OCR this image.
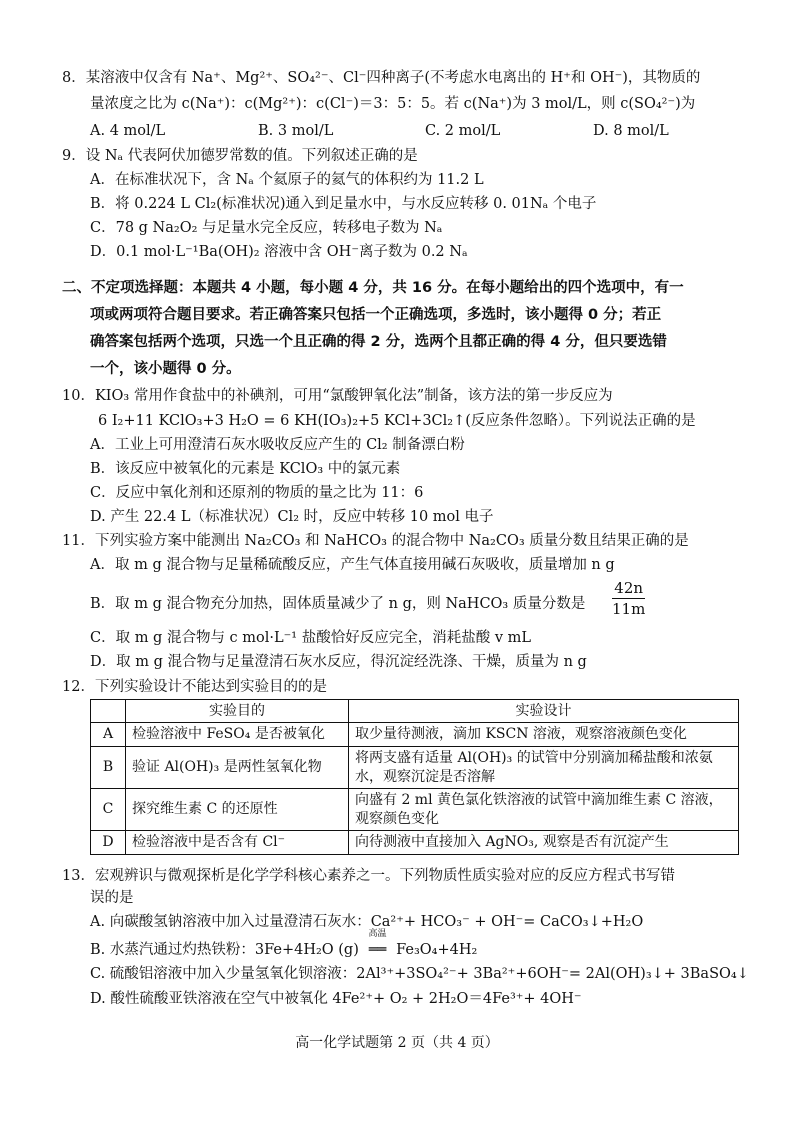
8．某溶液中仅含有 Na⁺、Mg²⁺、SO₄²⁻、Cl⁻四种离子(不考虑水电离出的 H⁺和 OH⁻)，其物质的
量浓度之比为 c(Na⁺)：c(Mg²⁺)：c(Cl⁻)＝3：5：5。若 c(Na⁺)为 3 mol/L，则 c(SO₄²⁻)为
A. 4 mol/L	B. 3 mol/L	C. 2 mol/L	D. 8 mol/L
9．设 Nₐ 代表阿伏加德罗常数的值。下列叙述正确的是
A．在标准状况下，含 Nₐ 个氦原子的氦气的体积约为 11.2 L
B．将 0.224 L Cl₂(标准状况)通入到足量水中，与水反应转移 0. 01Nₐ 个电子
C．78 g Na₂O₂ 与足量水完全反应，转移电子数为 Nₐ
D．0.1 mol·L⁻¹Ba(OH)₂ 溶液中含 OH⁻离子数为 0.2 Nₐ
二、不定项选择题：本题共 4 小题，每小题 4 分，共 16 分。在每小题给出的四个选项中，有一
项或两项符合题目要求。若正确答案只包括一个正确选项，多选时，该小题得 0 分；若正
确答案包括两个选项，只选一个且正确的得 2 分，选两个且都正确的得 4 分，但只要选错
一个，该小题得 0 分。
10．KIO₃ 常用作食盐中的补碘剂，可用“氯酸钾氧化法”制备，该方法的第一步反应为
6 I₂+11 KClO₃+3 H₂O = 6 KH(IO₃)₂+5 KCl+3Cl₂↑(反应条件忽略）。下列说法正确的是
A．工业上可用澄清石灰水吸收反应产生的 Cl₂ 制备漂白粉
B．该反应中被氧化的元素是 KClO₃ 中的氯元素
C．反应中氧化剂和还原剂的物质的量之比为 11：6
D. 产生 22.4 L（标准状况）Cl₂ 时，反应中转移 10 mol 电子
11．下列实验方案中能测出 Na₂CO₃ 和 NaHCO₃ 的混合物中 Na₂CO₃ 质量分数且结果正确的是
A．取 m g 混合物与足量稀硫酸反应，产生气体直接用碱石灰吸收，质量增加 n g
B．取 m g 混合物充分加热，固体质量减少了 n g，则 NaHCO₃ 质量分数是 $\frac{42n}{11m}$
C．取 m g 混合物与 c mol·L⁻¹ 盐酸恰好反应完全，消耗盐酸 v mL
D．取 m g 混合物与足量澄清石灰水反应，得沉淀经洗涤、干燥，质量为 n g
12．下列实验设计不能达到实验目的的是
	实验目的	实验设计
A	检验溶液中 FeSO₄ 是否被氧化	取少量待测液，滴加 KSCN 溶液，观察溶液颜色变化
B	验证 Al(OH)₃ 是两性氢氧化物	将两支盛有适量 Al(OH)₃ 的试管中分别滴加稀盐酸和浓氨水，观察沉淀是否溶解
C	探究维生素 C 的还原性	向盛有 2 ml 黄色氯化铁溶液的试管中滴加维生素 C 溶液，观察颜色变化
D	检验溶液中是否含有 Cl⁻	向待测液中直接加入 AgNO₃, 观察是否有沉淀产生
13．宏观辨识与微观探析是化学学科核心素养之一。下列物质性质实验对应的反应方程式书写错
误的是
A. 向碳酸氢钠溶液中加入过量澄清石灰水：Ca²⁺+ HCO₃⁻ + OH⁻= CaCO₃↓+H₂O
B. 水蒸汽通过灼热铁粉：3Fe+4H₂O (g)
高温
══ Fe₃O₄+4H₂
C. 硫酸铝溶液中加入少量氢氧化钡溶液：2Al³⁺+3SO₄²⁻+ 3Ba²⁺+6OH⁻= 2Al(OH)₃↓+ 3BaSO₄↓
D. 酸性硫酸亚铁溶液在空气中被氧化 4Fe²⁺+ O₂ + 2H₂O＝4Fe³⁺+ 4OH⁻
高一化学试题第 2 页（共 4 页）
